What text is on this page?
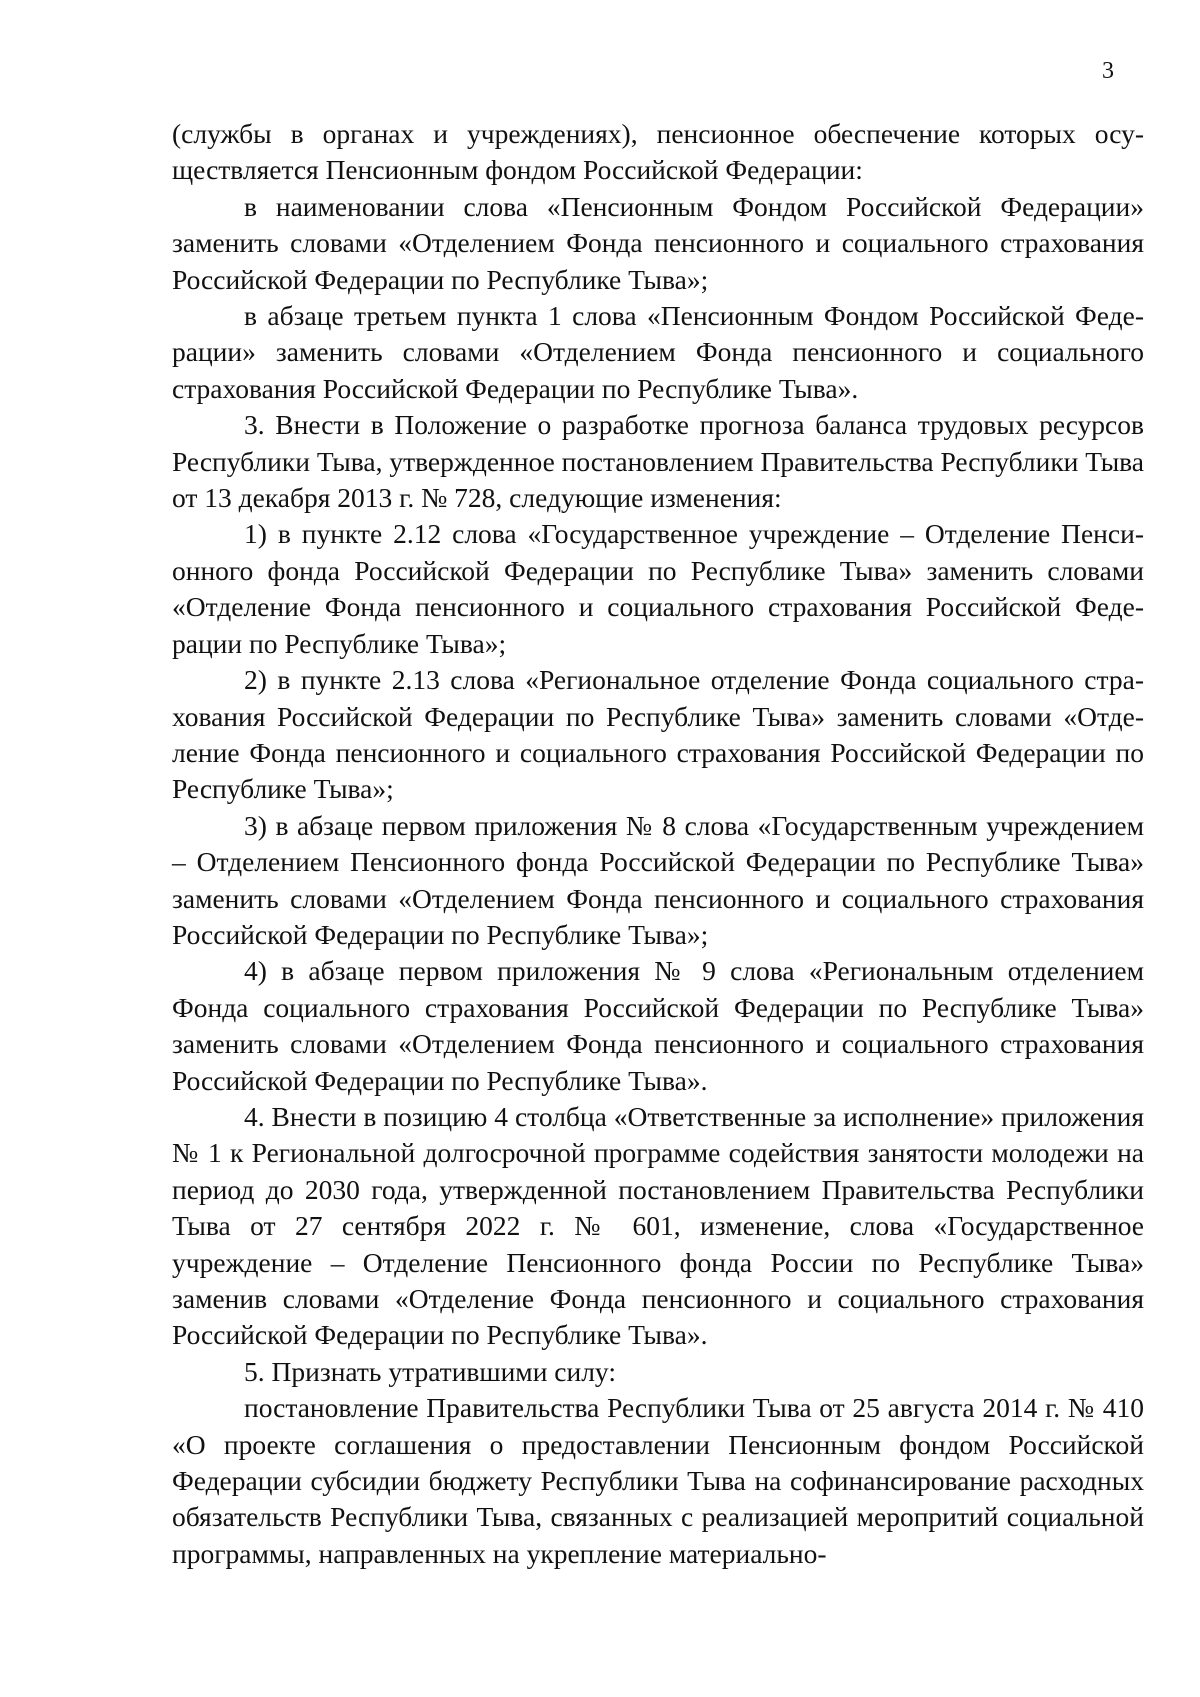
3

(службы в органах и учреждениях), пенсионное обеспечение которых осуществляется Пенсионным фондом Российской Федерации:

в наименовании слова «Пенсионным Фондом Российской Федерации» заменить словами «Отделением Фонда пенсионного и социального страхования Российской Федерации по Республике Тыва»;

в абзаце третьем пункта 1 слова «Пенсионным Фондом Российской Федерации» заменить словами «Отделением Фонда пенсионного и социального страхования Российской Федерации по Республике Тыва».

3. Внести в Положение о разработке прогноза баланса трудовых ресурсов Республики Тыва, утвержденное постановлением Правительства Республики Тыва от 13 декабря 2013 г. № 728, следующие изменения:

1) в пункте 2.12 слова «Государственное учреждение – Отделение Пенсионного фонда Российской Федерации по Республике Тыва» заменить словами «Отделение Фонда пенсионного и социального страхования Российской Федерации по Республике Тыва»;

2) в пункте 2.13 слова «Региональное отделение Фонда социального страхования Российской Федерации по Республике Тыва» заменить словами «Отделение Фонда пенсионного и социального страхования Российской Федерации по Республике Тыва»;

3) в абзаце первом приложения № 8 слова «Государственным учреждением – Отделением Пенсионного фонда Российской Федерации по Республике Тыва» заменить словами «Отделением Фонда пенсионного и социального страхования Российской Федерации по Республике Тыва»;

4) в абзаце первом приложения № 9 слова «Региональным отделением Фонда социального страхования Российской Федерации по Республике Тыва» заменить словами «Отделением Фонда пенсионного и социального страхования Российской Федерации по Республике Тыва».

4. Внести в позицию 4 столбца «Ответственные за исполнение» приложения № 1 к Региональной долгосрочной программе содействия занятости молодежи на период до 2030 года, утвержденной постановлением Правительства Республики Тыва от 27 сентября 2022 г. № 601, изменение, слова «Государственное учреждение – Отделение Пенсионного фонда России по Республике Тыва» заменив словами «Отделение Фонда пенсионного и социального страхования Российской Федерации по Республике Тыва».

5. Признать утратившими силу:

постановление Правительства Республики Тыва от 25 августа 2014 г. № 410 «О проекте соглашения о предоставлении Пенсионным фондом Российской Федерации субсидии бюджету Республики Тыва на софинансирование расходных обязательств Республики Тыва, связанных с реализацией меропритий социальной программы, направленных на укрепление материально-
